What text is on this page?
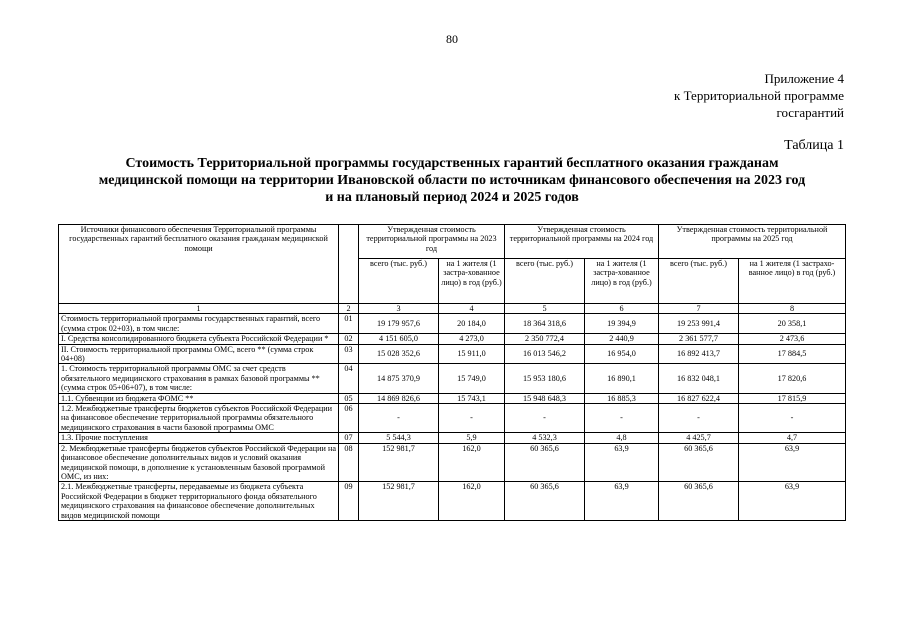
80
Приложение 4
к Территориальной программе
госгарантий
Таблица 1
Стоимость Территориальной программы государственных гарантий бесплатного оказания гражданам
медицинской помощи на территории Ивановской области по источникам финансового обеспечения на 2023 год
и на плановый период 2024 и 2025 годов
Источники финансового обеспечения Территориальной программы государственных гарантий бесплатного оказания гражданам медицинской помощи		Утвержденная стоимость территориальной программы на 2023 год		Утвержденная стоимость территориальной программы на 2024 год		Утвержденная стоимость территориальной программы на 2025 год	
		всего (тыс. руб.)	на 1 жителя (1 застра-хованное лицо) в год (руб.)	всего (тыс. руб.)	на 1 жителя (1 застра-хованное лицо) в год (руб.)	всего (тыс. руб.)	на 1 жителя (1 застрахо-ванное лицо) в год (руб.)
1	2	3	4	5	6	7	8
Стоимость территориальной программы государственных гарантий, всего (сумма строк 02+03), в том числе:	01	19 179 957,6	20 184,0	18 364 318,6	19 394,9	19 253 991,4	20 358,1
I. Средства консолидированного бюджета субъекта Российской Федерации *	02	4 151 605,0	4 273,0	2 350 772,4	2 440,9	2 361 577,7	2 473,6
II. Стоимость территориальной программы ОМС, всего ** (сумма строк 04+08)	03	15 028 352,6	15 911,0	16 013 546,2	16 954,0	16 892 413,7	17 884,5
1. Стоимость территориальной программы ОМС за счет средств обязательного медицинского страхования в рамках базовой программы ** (сумма строк 05+06+07), в том числе:	04	14 875 370,9	15 749,0	15 953 180,6	16 890,1	16 832 048,1	17 820,6
1.1. Субвенции из бюджета ФОМС **	05	14 869 826,6	15 743,1	15 948 648,3	16 885,3	16 827 622,4	17 815,9
1.2. Межбюджетные трансферты бюджетов субъектов Российской Федерации на финансовое обеспечение территориальной программы обязательного медицинского страхования в части базовой программы ОМС	06	-	-	-	-	-	-
1.3. Прочие поступления	07	5 544,3	5,9	4 532,3	4,8	4 425,7	4,7
2. Межбюджетные трансферты бюджетов субъектов Российской Федерации на финансовое обеспечение дополнительных видов и условий оказания медицинской помощи, в дополнение к установленным базовой программой ОМС, из них:	08	152 981,7	162,0	60 365,6	63,9	60 365,6	63,9
2.1. Межбюджетные трансферты, передаваемые из бюджета субъекта Российской Федерации в бюджет территориального фонда обязательного медицинского страхования на финансовое обеспечение дополнительных видов медицинской помощи	09	152 981,7	162,0	60 365,6	63,9	60 365,6	63,9
